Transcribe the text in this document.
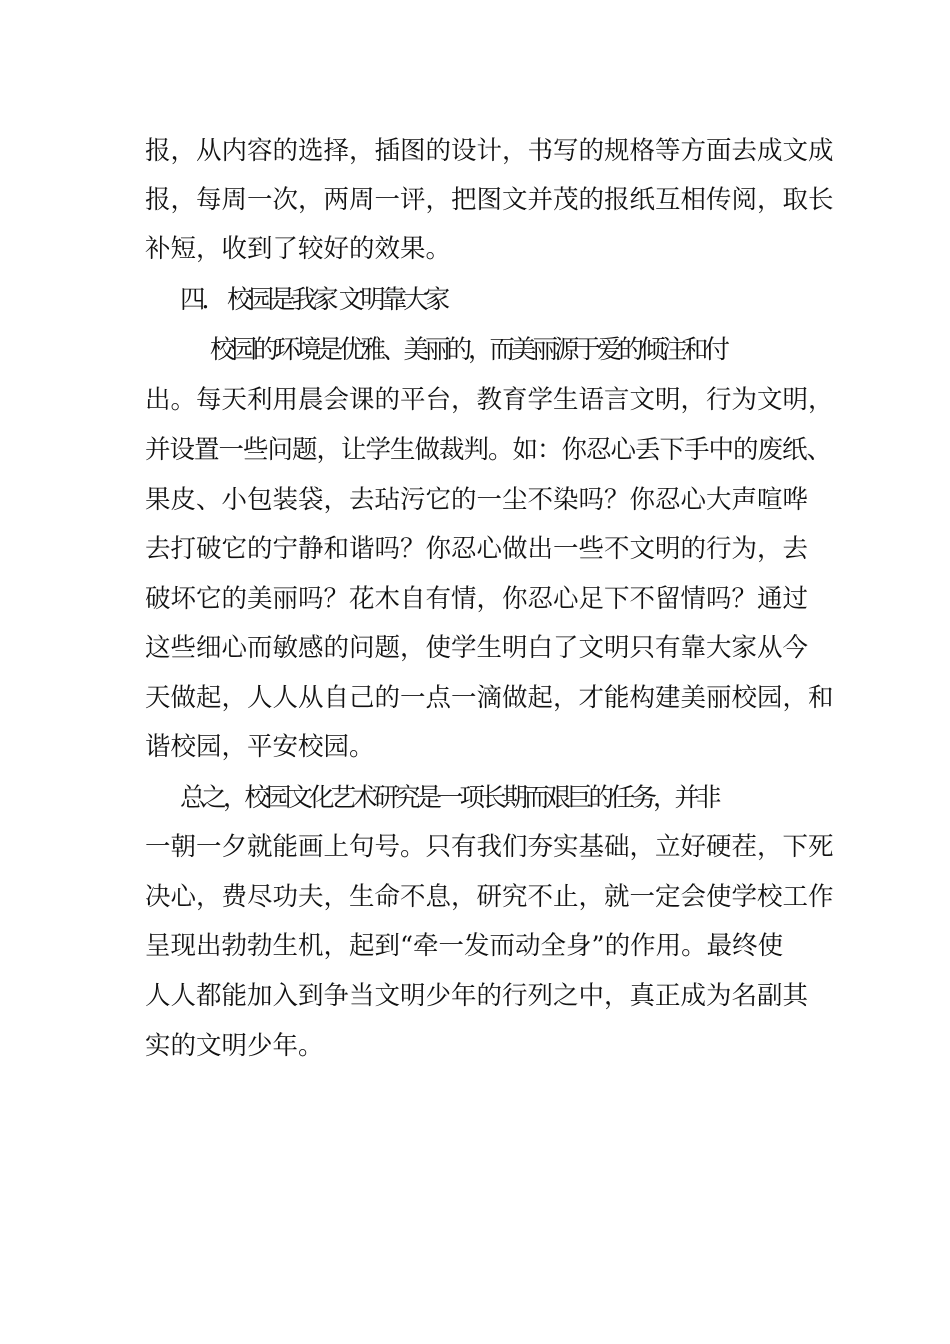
报，从内容的选择，插图的设计，书写的规格等方面去成文成
报，每周一次，两周一评，把图文并茂的报纸互相传阅，取长
补短，收到了较好的效果。
四． 校园是我家 文明靠大家
校园的环境是优雅、美丽的，而美丽源于爱的倾注和付
出。每天利用晨会课的平台，教育学生语言文明，行为文明，
并设置一些问题，让学生做裁判。如：你忍心丢下手中的废纸、
果皮、小包装袋，去玷污它的一尘不染吗？你忍心大声喧哗
去打破它的宁静和谐吗？你忍心做出一些不文明的行为，去
破坏它的美丽吗？花木自有情，你忍心足下不留情吗？通过
这些细心而敏感的问题，使学生明白了文明只有靠大家从今
天做起，人人从自己的一点一滴做起，才能构建美丽校园，和
谐校园，平安校园。
总之，校园文化艺术研究是一项长期而艰巨的任务，并非
一朝一夕就能画上句号。只有我们夯实基础，立好硬茬，下死
决心，费尽功夫，生命不息，研究不止，就一定会使学校工作
呈现出勃勃生机，起到“牵一发而动全身”的作用。最终使
人人都能加入到争当文明少年的行列之中，真正成为名副其
实的文明少年。
